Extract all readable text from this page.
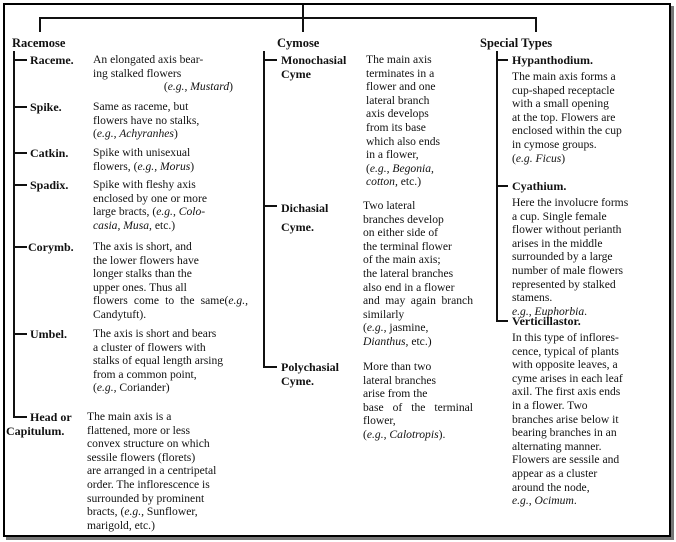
Racemose	Cymose	Special Types
Raceme.
Spike.
Catkin.
Spadix.
Corymb.
Umbel.
Head or
Capitulum.
An elongated axis bear-
ing stalked flowers
(e.g., Mustard)
Same as raceme, but
flowers have no stalks,
(e.g., Achyranhes)
Spike with unisexual
flowers, (e.g., Morus)
Spike with fleshy axis
enclosed by one or more
large bracts, (e.g., Colo-
casia, Musa, etc.)
The axis is short, and
the lower flowers have
longer stalks than the
upper ones. Thus all
flowers come to the same(e.g., Candytuft).
The axis is short and bears
a cluster of flowers with
stalks of equal length arsing
from a common point,
(e.g., Coriander)
The main axis is a
flattened, more or less
convex structure on which
sessile flowers (florets)
are arranged in a centripetal
order. The inflorescence is
surrounded by prominent
bracts, (e.g., Sunflower,
marigold, etc.)
Monochasial
Cyme
Dichasial
Cyme.
Polychasial
Cyme.
The main axis
terminates in a
flower and one
lateral branch
axis develops
from its base
which also ends
in a flower,
(e.g., Begonia,
cotton, etc.)
Two lateral
branches develop
on either side of
the terminal flower
of the main axis;
the lateral branches
also end in a flower
and may again branch similarly
(e.g., jasmine,
Dianthus, etc.)
More than two
lateral branches
arise from the
base of the terminal flower,
(e.g., Calotropis).
Hypanthodium.
The main axis forms a
cup-shaped receptacle
with a small opening
at the top. Flowers are
enclosed within the cup
in cymose groups.
(e.g. Ficus)
Cyathium.
Here the involucre forms
a cup. Single female
flower without perianth
arises in the middle
surrounded by a large
number of male flowers
represented by stalked
stamens.
e.g., Euphorbia.
Verticillastor.
In this type of inflores-
cence, typical of plants
with opposite leaves, a
cyme arises in each leaf
axil. The first axis ends
in a flower. Two
branches arise below it
bearing branches in an
alternating manner.
Flowers are sessile and
appear as a cluster
around the node,
e.g., Ocimum.
